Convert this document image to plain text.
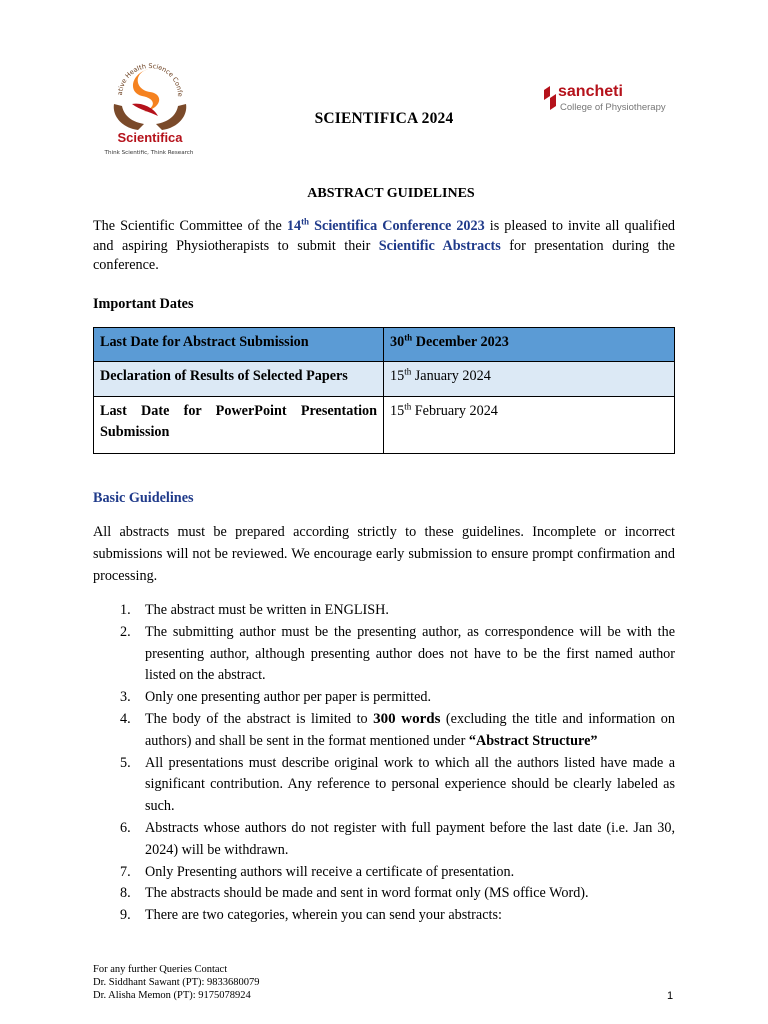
ative Health Science Confe
Scientifica
Think Scientific, Think Research
sancheti
College of Physiotherapy
SCIENTIFICA 2024
ABSTRACT GUIDELINES
The Scientific Committee of the 14th Scientifica Conference 2023 is pleased to invite all qualified and aspiring Physiotherapists to submit their Scientific Abstracts for presentation during the conference.
Important Dates
Last Date for Abstract Submission	30th December 2023
Declaration of Results of Selected Papers	15th January 2024
Last Date for PowerPoint Presentation Submission	15th February 2024
Basic Guidelines
All abstracts must be prepared according strictly to these guidelines. Incomplete or incorrect submissions will not be reviewed. We encourage early submission to ensure prompt confirmation and processing.
1. The abstract must be written in ENGLISH.
2. The submitting author must be the presenting author, as correspondence will be with the presenting author, although presenting author does not have to be the first named author listed on the abstract.
3. Only one presenting author per paper is permitted.
4. The body of the abstract is limited to 300 words (excluding the title and information on authors) and shall be sent in the format mentioned under “Abstract Structure”
5. All presentations must describe original work to which all the authors listed have made a significant contribution. Any reference to personal experience should be clearly labeled as such.
6. Abstracts whose authors do not register with full payment before the last date (i.e. Jan 30, 2024) will be withdrawn.
7. Only Presenting authors will receive a certificate of presentation.
8. The abstracts should be made and sent in word format only (MS office Word).
9. There are two categories, wherein you can send your abstracts:
For any further Queries Contact
Dr. Siddhant Sawant (PT): 9833680079
Dr. Alisha Memon (PT): 9175078924	1
